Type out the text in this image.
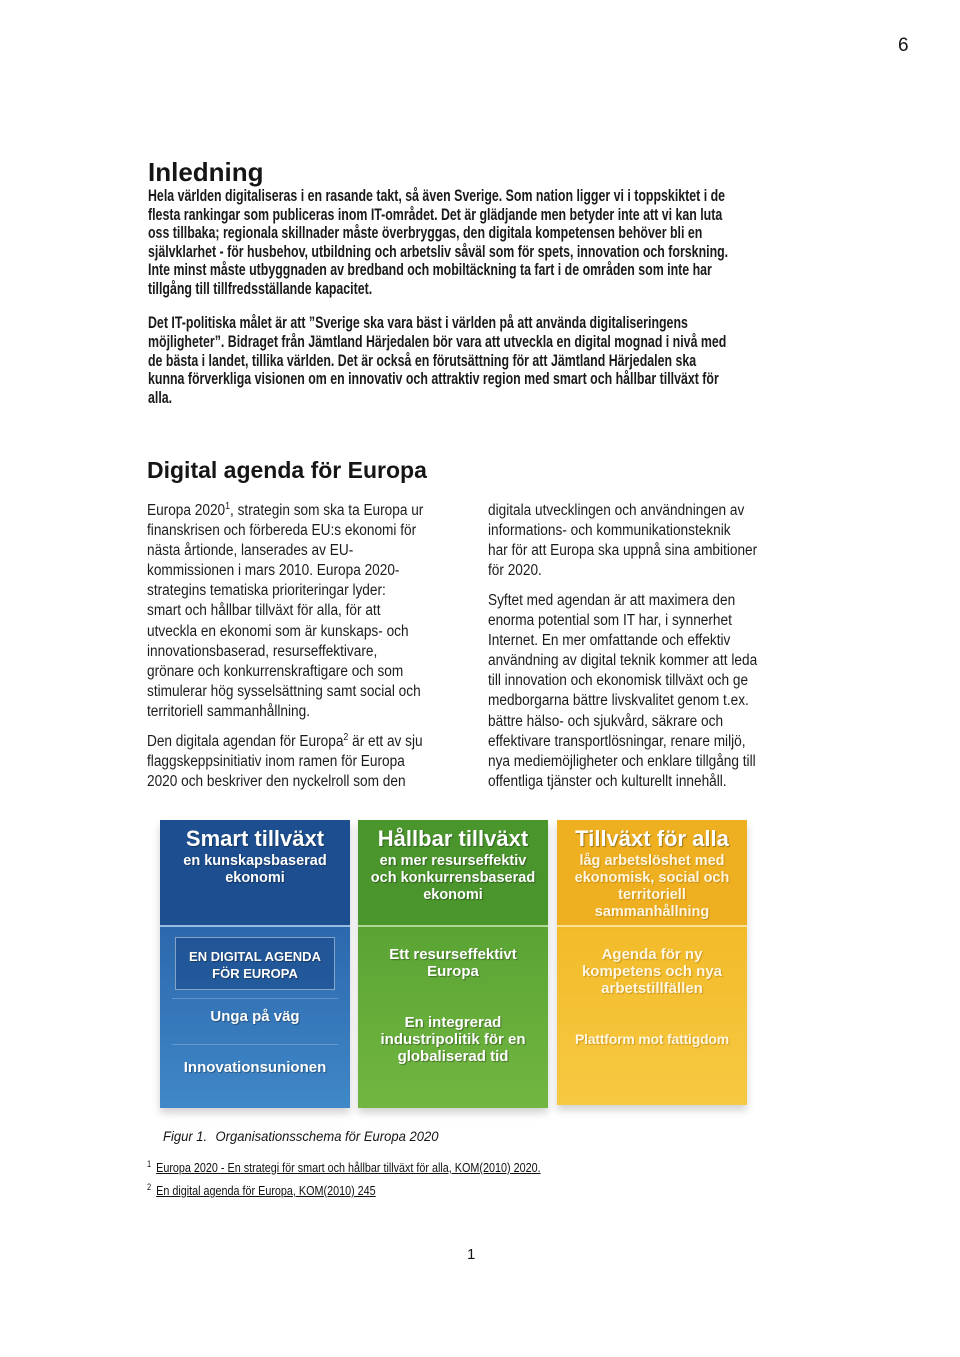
6
Inledning
Hela världen digitaliseras i en rasande takt, så även Sverige. Som nation ligger vi i toppskiktet i de
flesta rankingar som publiceras inom IT-området. Det är glädjande men betyder inte att vi kan luta
oss tillbaka; regionala skillnader måste överbryggas, den digitala kompetensen behöver bli en
självklarhet - för husbehov, utbildning och arbetsliv såväl som för spets, innovation och forskning.
Inte minst måste utbyggnaden av bredband och mobiltäckning ta fart i de områden som inte har
tillgång till tillfredsställande kapacitet.
Det IT-politiska målet är att ”Sverige ska vara bäst i världen på att använda digitaliseringens
möjligheter”. Bidraget från Jämtland Härjedalen bör vara att utveckla en digital mognad i nivå med
de bästa i landet, tillika världen. Det är också en förutsättning för att Jämtland Härjedalen ska
kunna förverkliga visionen om en innovativ och attraktiv region med smart och hållbar tillväxt för
alla.
Digital agenda för Europa
Europa 2020$^1$, strategin som ska ta Europa ur
finanskrisen och förbereda EU:s ekonomi för
nästa årtionde, lanserades av EU-
kommissionen i mars 2010. Europa 2020-
strategins tematiska prioriteringar lyder:
smart och hållbar tillväxt för alla, för att
utveckla en ekonomi som är kunskaps- och
innovationsbaserad, resurseffektivare,
grönare och konkurrenskraftigare och som
stimulerar hög sysselsättning samt social och
territoriell sammanhållning.
Den digitala agendan för Europa$^2$ är ett av sju
flaggskeppsinitiativ inom ramen för Europa
2020 och beskriver den nyckelroll som den
digitala utvecklingen och användningen av
informations- och kommunikationsteknik
har för att Europa ska uppnå sina ambitioner
för 2020.
Syftet med agendan är att maximera den
enorma potential som IT har, i synnerhet
Internet. En mer omfattande och effektiv
användning av digital teknik kommer att leda
till innovation och ekonomisk tillväxt och ge
medborgarna bättre livskvalitet genom t.ex.
bättre hälso- och sjukvård, säkrare och
effektivare transportlösningar, renare miljö,
nya mediemöjligheter och enklare tillgång till
offentliga tjänster och kulturellt innehåll.
Smart tillväxt
en kunskapsbaserad
ekonomi
EN DIGITAL AGENDA
FÖR EUROPA
Unga på väg
Innovationsunionen
Hållbar tillväxt
en mer resurseffektiv
och konkurrensbaserad
ekonomi
Ett resurseffektivt
Europa
En integrerad
industripolitik för en
globaliserad tid
Tillväxt för alla
låg arbetslöshet med
ekonomisk, social och
territoriell
sammanhållning
Agenda för ny
kompetens och nya
arbetstillfällen
Plattform mot fattigdom
Figur 1. Organisationsschema för Europa 2020
$^1$ Europa 2020 - En strategi för smart och hållbar tillväxt för alla, KOM(2010) 2020.
$^2$ En digital agenda för Europa, KOM(2010) 245
1
